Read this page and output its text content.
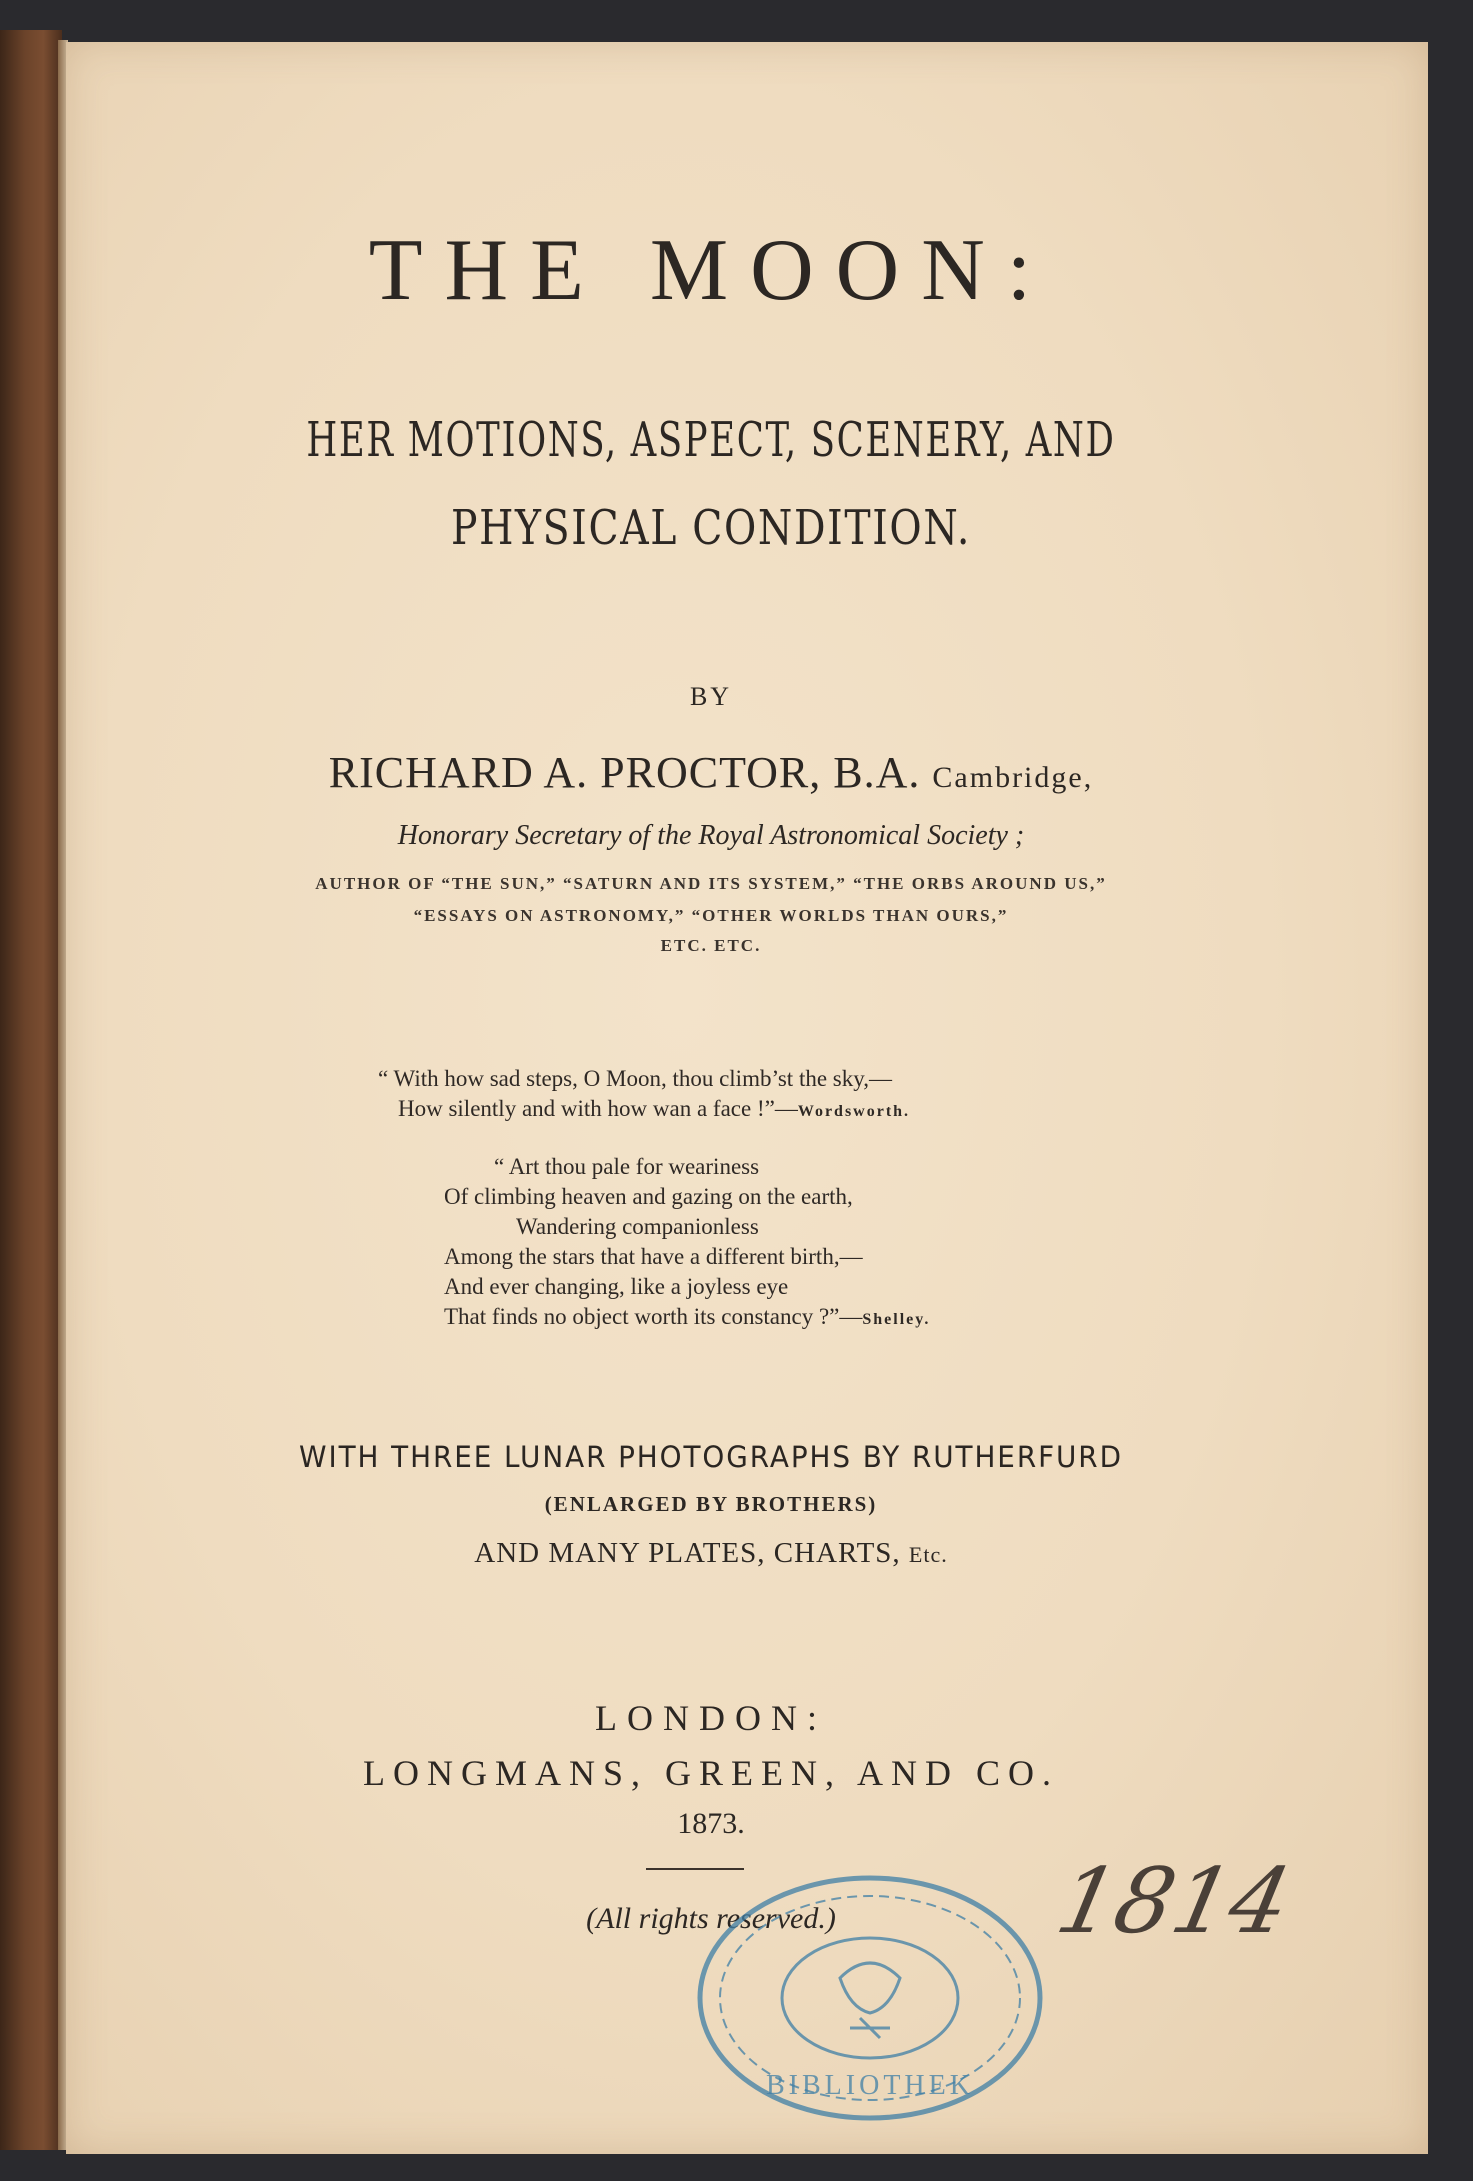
THE MOON:
HER MOTIONS, ASPECT, SCENERY, AND
PHYSICAL CONDITION.
BY
RICHARD A. PROCTOR, B.A. Cambridge,
Honorary Secretary of the Royal Astronomical Society ;
AUTHOR OF “THE SUN,” “SATURN AND ITS SYSTEM,” “THE ORBS AROUND US,”
“ESSAYS ON ASTRONOMY,” “OTHER WORLDS THAN OURS,”
ETC. ETC.
“ With how sad steps, O Moon, thou climb’st the sky,—
How silently and with how wan a face !”—Wordsworth.
“ Art thou pale for weariness
Of climbing heaven and gazing on the earth,
Wandering companionless
Among the stars that have a different birth,—
And ever changing, like a joyless eye
That finds no object worth its constancy ?”—Shelley.
WITH THREE LUNAR PHOTOGRAPHS BY RUTHERFURD
(ENLARGED BY BROTHERS)
AND MANY PLATES, CHARTS, Etc.
LONDON:
LONGMANS, GREEN, AND CO.
1873.
(All rights reserved.)
BIBLIOTHEK
1814
